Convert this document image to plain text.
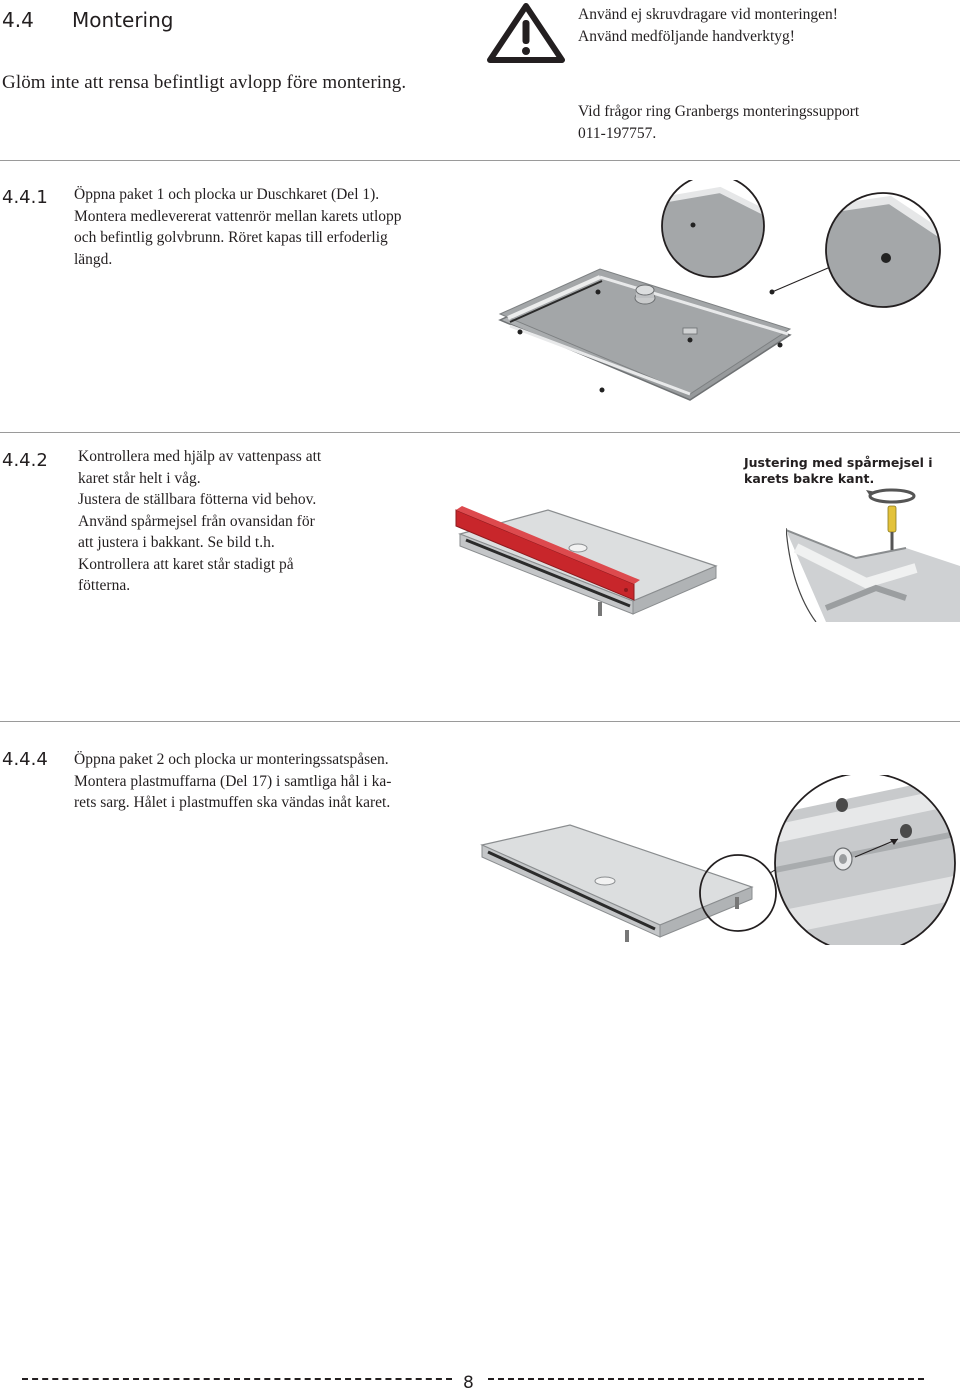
4.4 Montering
Glöm inte att rensa befintligt avlopp före montering.
Använd ej skruvdragare vid monteringen!
Använd medföljande handverktyg!
Vid frågor ring Granbergs monteringssupport
011-197757.
4.4.1 Öppna paket 1 och plocka ur Duschkaret (Del 1).
Montera medlevererat vattenrör mellan karets utlopp
och befintlig golvbrunn. Röret kapas till erfoderlig
längd.
4.4.2 Kontrollera med hjälp av vattenpass att
karet står helt i våg.
Justera de ställbara fötterna vid behov.
Använd spårmejsel från ovansidan för
att justera i bakkant. Se bild t.h.
Kontrollera att karet står stadigt på
fötterna.
Justering med spårmejsel i
karets bakre kant.
4.4.4 Öppna paket 2 och plocka ur monteringssatspåsen.
Montera plastmuffarna (Del 17) i samtliga hål i ka-
rets sarg. Hålet i plastmuffen ska vändas inåt karet.
8
